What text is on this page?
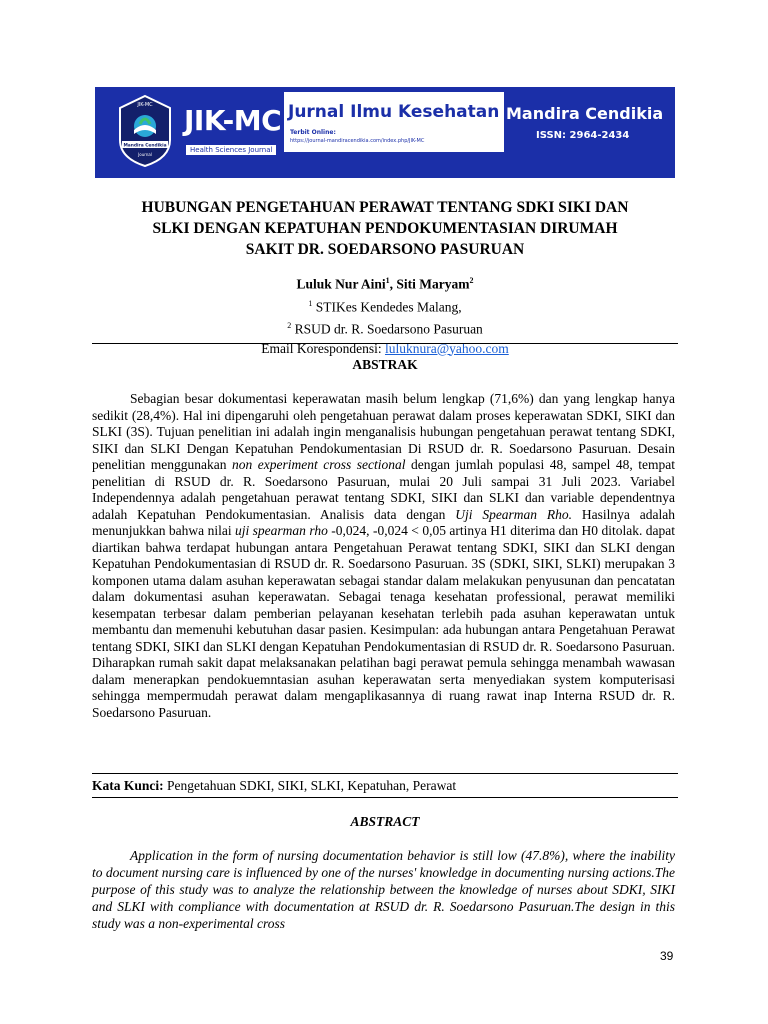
JIK-MC
Mandira Cendikia
Journal
JIK-MC
Health Sciences Journal
Jurnal Ilmu Kesehatan
Terbit Online:
https://journal-mandiracendikia.com/index.php/JIK-MC
Mandira Cendikia
ISSN: 2964-2434
HUBUNGAN PENGETAHUAN PERAWAT TENTANG SDKI SIKI DAN
SLKI DENGAN KEPATUHAN PENDOKUMENTASIAN DIRUMAH
SAKIT DR. SOEDARSONO PASURUAN
Luluk Nur Aini$^1$, Siti Maryam$^2$
$^1$ STIKes Kendedes Malang,
$^2$ RSUD dr. R. Soedarsono Pasuruan
Email Korespondensi: luluknura@yahoo.com
ABSTRAK

Sebagian besar dokumentasi keperawatan masih belum lengkap (71,6%) dan yang lengkap hanya sedikit (28,4%). Hal ini dipengaruhi oleh pengetahuan perawat dalam proses keperawatan SDKI, SIKI dan SLKI (3S). Tujuan penelitian ini adalah ingin menganalisis hubungan pengetahuan perawat tentang SDKI, SIKI dan SLKI Dengan Kepatuhan Pendokumentasian Di RSUD dr. R. Soedarsono Pasuruan. Desain penelitian menggunakan non experiment cross sectional dengan jumlah populasi 48, sampel 48, tempat penelitian di RSUD dr. R. Soedarsono Pasuruan, mulai 20 Juli sampai 31 Juli 2023. Variabel Independennya adalah pengetahuan perawat tentang SDKI, SIKI dan SLKI dan variable dependentnya adalah Kepatuhan Pendokumentasian. Analisis data dengan Uji Spearman Rho. Hasilnya adalah menunjukkan bahwa nilai uji spearman rho -0,024, -0,024 < 0,05 artinya H1 diterima dan H0 ditolak. dapat diartikan bahwa terdapat hubungan antara Pengetahuan Perawat tentang SDKI, SIKI dan SLKI dengan Kepatuhan Pendokumentasian di RSUD dr. R. Soedarsono Pasuruan. 3S (SDKI, SIKI, SLKI) merupakan 3 komponen utama dalam asuhan keperawatan sebagai standar dalam melakukan penyusunan dan pencatatan dalam dokumentasi asuhan keperawatan. Sebagai tenaga kesehatan professional, perawat memiliki kesempatan terbesar dalam pemberian pelayanan kesehatan terlebih pada asuhan keperawatan untuk membantu dan memenuhi kebutuhan dasar pasien. Kesimpulan: ada hubungan antara Pengetahuan Perawat tentang SDKI, SIKI dan SLKI dengan Kepatuhan Pendokumentasian di RSUD dr. R. Soedarsono Pasuruan. Diharapkan rumah sakit dapat melaksanakan pelatihan bagi perawat pemula sehingga menambah wawasan dalam menerapkan pendokuemntasian asuhan keperawatan serta menyediakan system komputerisasi sehingga mempermudah perawat dalam mengaplikasannya di ruang rawat inap Interna RSUD dr. R. Soedarsono Pasuruan.

Kata Kunci: Pengetahuan SDKI, SIKI, SLKI, Kepatuhan, Perawat
ABSTRACT

Application in the form of nursing documentation behavior is still low (47.8%), where the inability to document nursing care is influenced by one of the nurses' knowledge in documenting nursing actions.The purpose of this study was to analyze the relationship between the knowledge of nurses about SDKI, SIKI and SLKI with compliance with documentation at RSUD dr. R. Soedarsono Pasuruan.The design in this study was a non-experimental cross

39
